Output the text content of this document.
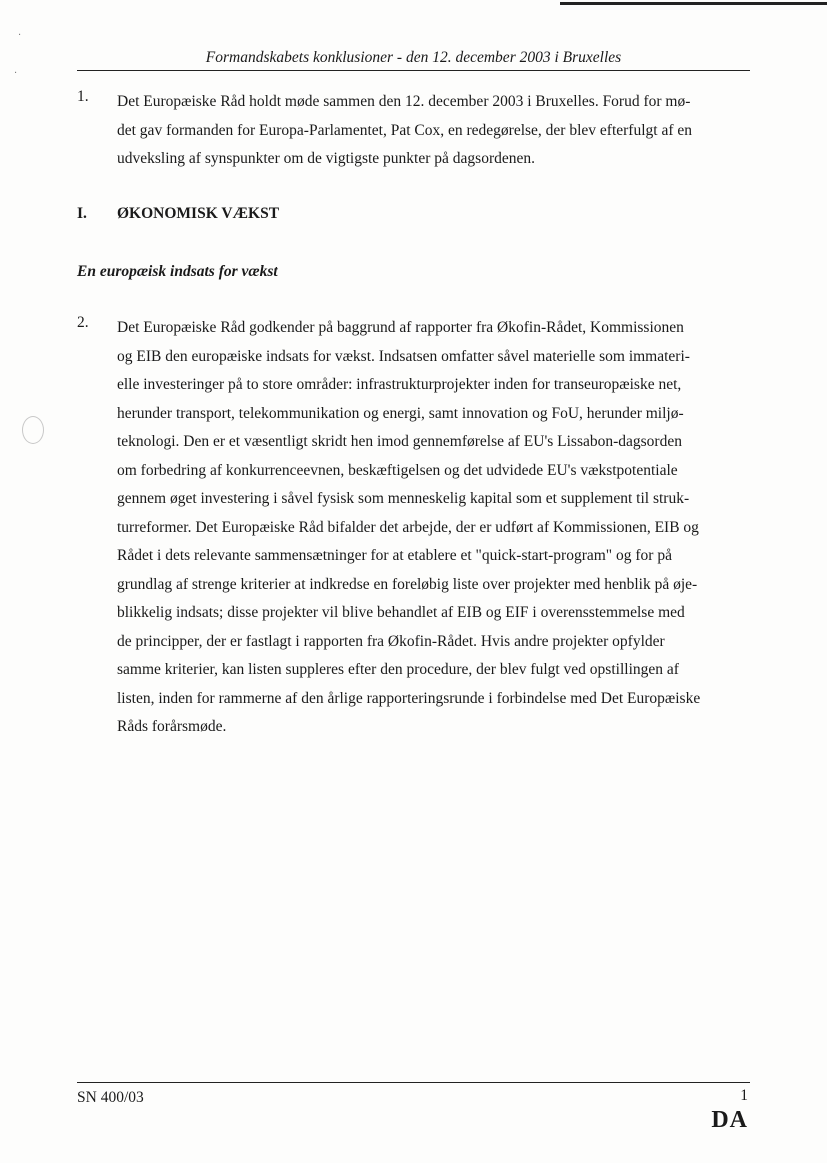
·
·
Formandskabets konklusioner - den 12. december 2003 i Bruxelles
1. Det Europæiske Råd holdt møde sammen den 12. december 2003 i Bruxelles. Forud for mø-
det gav formanden for Europa-Parlamentet, Pat Cox, en redegørelse, der blev efterfulgt af en
udveksling af synspunkter om de vigtigste punkter på dagsordenen.
I. ØKONOMISK VÆKST
En europæisk indsats for vækst
2. Det Europæiske Råd godkender på baggrund af rapporter fra Økofin-Rådet, Kommissionen
og EIB den europæiske indsats for vækst. Indsatsen omfatter såvel materielle som immateri-
elle investeringer på to store områder: infrastrukturprojekter inden for transeuropæiske net,
herunder transport, telekommunikation og energi, samt innovation og FoU, herunder miljø-
teknologi. Den er et væsentligt skridt hen imod gennemførelse af EU's Lissabon-dagsorden
om forbedring af konkurrenceevnen, beskæftigelsen og det udvidede EU's vækstpotentiale
gennem øget investering i såvel fysisk som menneskelig kapital som et supplement til struk-
turreformer. Det Europæiske Råd bifalder det arbejde, der er udført af Kommissionen, EIB og
Rådet i dets relevante sammensætninger for at etablere et "quick-start-program" og for på
grundlag af strenge kriterier at indkredse en foreløbig liste over projekter med henblik på øje-
blikkelig indsats; disse projekter vil blive behandlet af EIB og EIF i overensstemmelse med
de principper, der er fastlagt i rapporten fra Økofin-Rådet. Hvis andre projekter opfylder
samme kriterier, kan listen suppleres efter den procedure, der blev fulgt ved opstillingen af
listen, inden for rammerne af den årlige rapporteringsrunde i forbindelse med Det Europæiske
Råds forårsmøde.
SN 400/03	1
DA
